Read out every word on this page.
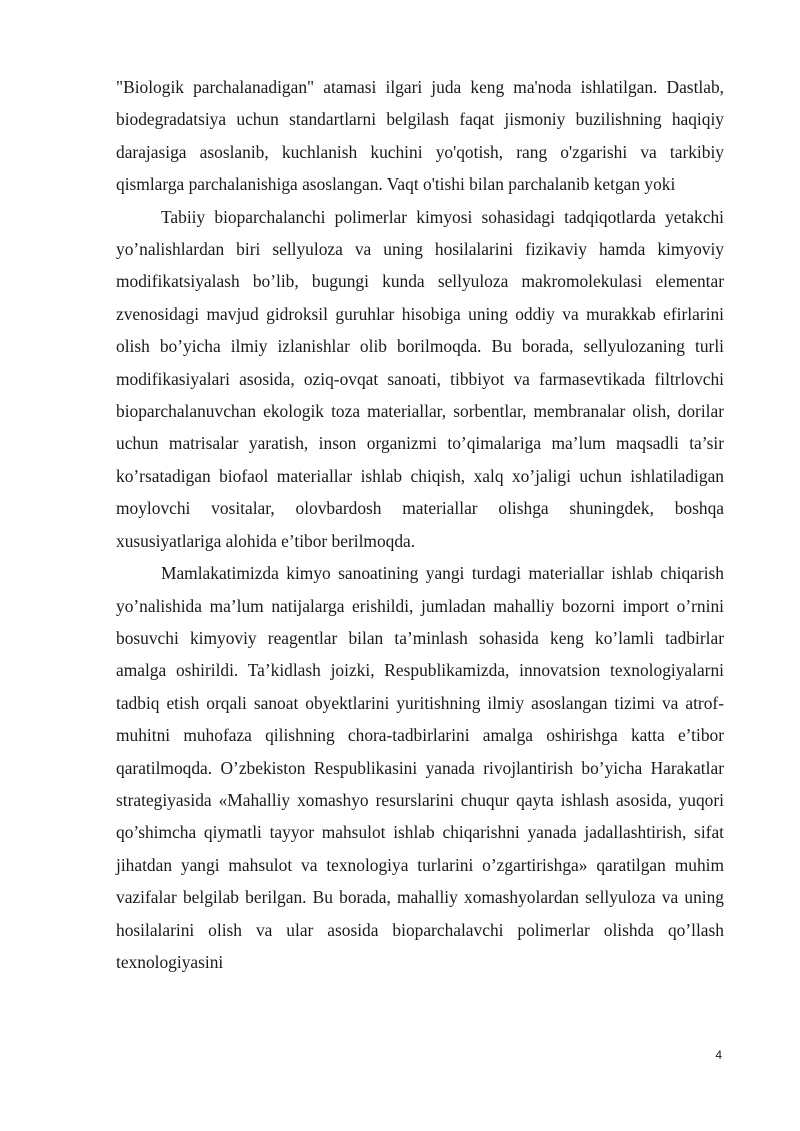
"Biologik parchalanadigan" atamasi ilgari juda keng ma'noda ishlatilgan. Dastlab, biodegradatsiya uchun standartlarni belgilash faqat jismoniy buzilishning haqiqiy darajasiga asoslanib, kuchlanish kuchini yo'qotish, rang o'zgarishi va tarkibiy qismlarga parchalanishiga asoslangan. Vaqt o'tishi bilan parchalanib ketgan yoki

Tabiiy bioparchalanchi polimerlar kimyosi sohasidagi tadqiqotlarda yetakchi yo’nalishlardan biri sellyuloza va uning hosilalarini fizikaviy hamda kimyoviy modifikatsiyalash bo’lib, bugungi kunda sellyuloza makromolekulasi elementar zvenosidagi mavjud gidroksil guruhlar hisobiga uning oddiy va murakkab efirlarini olish bo’yicha ilmiy izlanishlar olib borilmoqda. Bu borada, sellyulozaning turli modifikasiyalari asosida, oziq-ovqat sanoati, tibbiyot va farmasevtikada filtrlovchi bioparchalanuvchan ekologik toza materiallar, sorbentlar, membranalar olish, dorilar uchun matrisalar yaratish, inson organizmi to’qimalariga ma’lum maqsadli ta’sir ko’rsatadigan biofaol materiallar ishlab chiqish, xalq xo’jaligi uchun ishlatiladigan moylovchi vositalar, olovbardosh materiallar olishga shuningdek, boshqa xususiyatlariga alohida e’tibor berilmoqda.

Mamlakatimizda kimyo sanoatining yangi turdagi materiallar ishlab chiqarish yo’nalishida ma’lum natijalarga erishildi, jumladan mahalliy bozorni import o’rnini bosuvchi kimyoviy reagentlar bilan ta’minlash sohasida keng ko’lamli tadbirlar amalga oshirildi. Ta’kidlash joizki, Respublikamizda, innovatsion texnologiyalarni tadbiq etish orqali sanoat obyektlarini yuritishning ilmiy asoslangan tizimi va atrof-muhitni muhofaza qilishning chora-tadbirlarini amalga oshirishga katta e’tibor qaratilmoqda. O’zbekiston Respublikasini yanada rivojlantirish bo’yicha Harakatlar strategiyasida «Mahalliy xomashyo resurslarini chuqur qayta ishlash asosida, yuqori qo’shimcha qiymatli tayyor mahsulot ishlab chiqarishni yanada jadallashtirish, sifat jihatdan yangi mahsulot va texnologiya turlarini o’zgartirishga» qaratilgan muhim vazifalar belgilab berilgan. Bu borada, mahalliy xomashyolardan sellyuloza va uning hosilalarini olish va ular asosida bioparchalavchi polimerlar olishda qo’llash texnologiyasini

4
